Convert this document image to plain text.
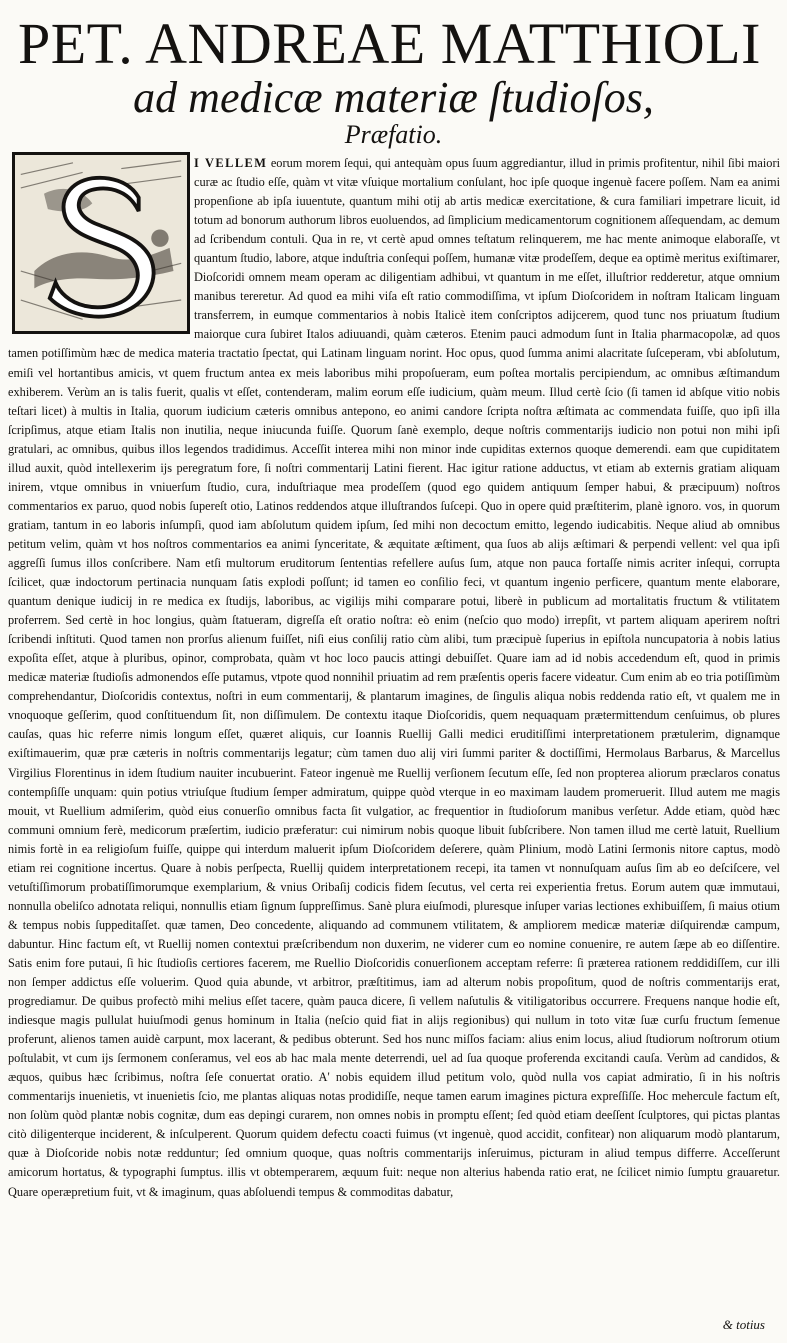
PET. ANDREAE MATTHIOLI
ad medicæ materiæ ſtudioſos,
Præfatio.
I VELLEM eorum morem ſequi, qui antequàm opus ſuum aggrediantur, illud in primis profitentur, nihil ſibi maiori curæ ac ſtudio eſſe, quàm vt vitæ vſuique mortalium conſulant, hoc ipſe quoque ingenuè facere poſſem. Nam ea animi propenſione ab ipſa iuuentute, quantum mihi otij ab artis medicæ exercitatione, & cura familiari impetrare licuit, id totum ad bonorum authorum libros euoluendos, ad ſimplicium medicamentorum cognitionem aſſequendam, ac demum ad ſcribendum contuli. Qua in re, vt certè apud omnes teſtatum relinquerem, me hac mente animoque elaboraſſe, vt quantum ſtudio, labore, atque induſtria conſequi poſſem, humanæ vitæ prodeſſem, deque ea optimè meritus exiſtimarer, Dioſcoridi omnem meam operam ac diligentiam adhibui, vt quantum in me eſſet, illuſtrior redderetur, atque omnium manibus tereretur. Ad quod ea mihi viſa eſt ratio commodiſſima, vt ipſum Dioſcoridem in noſtram Italicam linguam transferrem, in eumque commentarios à nobis Italicè item conſcriptos adijcerem, quod tunc nos priuatum ſtudium maiorque cura ſubiret Italos adiuuandi, quàm cæteros. Etenim pauci admodum ſunt in Italia pharmacopolæ, ad quos tamen potiſſimùm hæc de medica materia tractatio ſpectat, qui Latinam linguam norint. Hoc opus, quod ſumma animi alacritate ſuſceperam, vbi abſolutum, emiſi vel hortantibus amicis, vt quem fructum antea ex meis laboribus mihi propoſueram, eum poſtea mortalis percipiendum, ac omnibus æſtimandum exhiberem. Verùm an is talis fuerit, qualis vt eſſet, contenderam, malim eorum eſſe iudicium, quàm meum. Illud certè ſcio (ſi tamen id abſque vitio nobis teſtari licet) à multis in Italia, quorum iudicium cæteris omnibus antepono, eo animi candore ſcripta noſtra æſtimata ac commendata fuiſſe, quo ipſi illa ſcripſimus, atque etiam Italis non inutilia, neque iniucunda fuiſſe. Quorum ſanè exemplo, deque noſtris commentarijs iudicio non potui non mihi ipſi gratulari, ac omnibus, quibus illos legendos tradidimus. Acceſſit interea mihi non minor inde cupiditas externos quoque demerendi. eam que cupiditatem illud auxit, quòd intellexerim ijs peregratum fore, ſi noſtri commentarij Latini fierent. Hac igitur ratione adductus, vt etiam ab externis gratiam aliquam inirem, vtque omnibus in vniuerſum ſtudio, cura, induſtriaque mea prodeſſem (quod ego quidem antiquum ſemper habui, & præcipuum) noſtros commentarios ex paruo, quod nobis ſupereſt otio, Latinos reddendos atque illuſtrandos ſuſcepi. Quo in opere quid præſtiterim, planè ignoro. vos, in quorum gratiam, tantum in eo laboris inſumpſi, quod iam abſolutum quidem ipſum, ſed mihi non decoctum emitto, legendo iudicabitis. Neque aliud ab omnibus petitum velim, quàm vt hos noſtros commentarios ea animi ſynceritate, & æquitate æſtiment, qua ſuos ab alijs æſtimari & perpendi vellent: vel qua ipſi aggreſſi ſumus illos conſcribere. Nam etſi multorum eruditorum ſententias refellere auſus ſum, atque non pauca fortaſſe nimis acriter inſequi, corrupta ſcilicet, quæ indoctorum pertinacia nunquam ſatis explodi poſſunt; id tamen eo conſilio feci, vt quantum ingenio perficere, quantum mente elaborare, quantum denique iudicij in re medica ex ſtudijs, laboribus, ac vigilijs mihi comparare potui, liberè in publicum ad mortalitatis fructum & vtilitatem proferrem. Sed certè in hoc longius, quàm ſtatueram, digreſſa eſt oratio noſtra: eò enim (neſcio quo modo) irrepſit, vt partem aliquam aperirem noſtri ſcribendi inſtituti. Quod tamen non prorſus alienum fuiſſet, niſi eius conſilij ratio cùm alibi, tum præcipuè ſuperius in epiſtola nuncupatoria à nobis latius expoſita eſſet, atque à pluribus, opinor, comprobata, quàm vt hoc loco paucis attingi debuiſſet. Quare iam ad id nobis accedendum eſt, quod in primis medicæ materiæ ſtudioſis admonendos eſſe putamus, vtpote quod nonnihil priuatim ad rem præſentis operis facere videatur. Cum enim ab eo tria potiſſimùm comprehendantur, Dioſcoridis contextus, noſtri in eum commentarij, & plantarum imagines, de ſingulis aliqua nobis reddenda ratio eſt, vt qualem me in vnoquoque geſſerim, quod conſtituendum ſit, non diſſimulem. De contextu itaque Dioſcoridis, quem nequaquam prætermittendum cenſuimus, ob plures cauſas, quas hic referre nimis longum eſſet, quæret aliquis, cur Ioannis Ruellij Galli medici eruditiſſimi interpretationem prætulerim, dignamque exiſtimauerim, quæ præ cæteris in noſtris commentarijs legatur; cùm tamen duo alij viri ſummi pariter & doctiſſimi, Hermolaus Barbarus, & Marcellus Virgilius Florentinus in idem ſtudium nauiter incubuerint. Fateor ingenuè me Ruellij verſionem ſecutum eſſe, ſed non propterea aliorum præclaros conatus contempſiſſe unquam: quin potius vtriuſque ſtudium ſemper admiratum, quippe quòd vterque in eo maximam laudem promeruerit. Illud autem me magis mouit, vt Ruellium admiſerim, quòd eius conuerſio omnibus facta ſit vulgatior, ac frequentior in ſtudioſorum manibus verſetur. Adde etiam, quòd hæc communi omnium ferè, medicorum præſertim, iudicio præferatur: cui nimirum nobis quoque libuit ſubſcribere. Non tamen illud me certè latuit, Ruellium nimis fortè in ea religioſum fuiſſe, quippe qui interdum maluerit ipſum Dioſcoridem deſerere, quàm Plinium, modò Latini ſermonis nitore captus, modò etiam rei cognitione incertus. Quare à nobis perſpecta, Ruellij quidem interpretationem recepi, ita tamen vt nonnuſquam auſus ſim ab eo deſciſcere, vel vetuſtiſſimorum probatiſſimorumque exemplarium, & vnius Oribaſij codicis fidem ſecutus, vel certa rei experientia fretus. Eorum autem quæ immutaui, nonnulla obeliſco adnotata reliqui, nonnullis etiam ſignum ſuppreſſimus. Sanè plura eiuſmodi, pluresque inſuper varias lectiones exhibuiſſem, ſi maius otium & tempus nobis ſuppeditaſſet. quæ tamen, Deo concedente, aliquando ad communem vtilitatem, & ampliorem medicæ materiæ diſquirendæ campum, dabuntur. Hinc factum eſt, vt Ruellij nomen contextui præſcribendum non duxerim, ne viderer cum eo nomine conuenire, re autem ſæpe ab eo diſſentire. Satis enim fore putaui, ſi hic ſtudioſis certiores facerem, me Ruellio Dioſcoridis conuerſionem acceptam referre: ſi præterea rationem reddidiſſem, cur illi non ſemper addictus eſſe voluerim. Quod quia abunde, vt arbitror, præſtitimus, iam ad alterum nobis propoſitum, quod de noſtris commentarijs erat, progrediamur. De quibus profectò mihi melius eſſet tacere, quàm pauca dicere, ſi vellem naſutulis & vitiligatoribus occurrere. Frequens nanque hodie eſt, indiesque magis pullulat huiuſmodi genus hominum in Italia (neſcio quid fiat in alijs regionibus) qui nullum in toto vitæ ſuæ curſu fructum ſemenue proferunt, alienos tamen auidè carpunt, mox lacerant, & pedibus obterunt. Sed hos nunc miſſos faciam: alius enim locus, aliud ſtudiorum noſtrorum otium poſtulabit, vt cum ijs ſermonem conſeramus, vel eos ab hac mala mente deterrendi, uel ad ſua quoque proferenda excitandi cauſa. Verùm ad candidos, & æquos, quibus hæc ſcribimus, noſtra ſeſe conuertat oratio. A' nobis equidem illud petitum volo, quòd nulla vos capiat admiratio, ſi in his noſtris commentarijs inuenietis, vt inuenietis ſcio, me plantas aliquas notas prodidiſſe, neque tamen earum imagines pictura expreſſiſſe. Hoc mehercule factum eſt, non ſolùm quòd plantæ nobis cognitæ, dum eas depingi curarem, non omnes nobis in promptu eſſent; ſed quòd etiam deeſſent ſculptores, qui pictas plantas citò diligenterque inciderent, & inſculperent. Quorum quidem defectu coacti fuimus (vt ingenuè, quod accidit, confitear) non aliquarum modò plantarum, quæ à Dioſcoride nobis notæ redduntur; ſed omnium quoque, quas noſtris commentarijs inſeruimus, picturam in aliud tempus differre. Acceſſerunt amicorum hortatus, & typographi ſumptus. illis vt obtemperarem, æquum fuit: neque non alterius habenda ratio erat, ne ſcilicet nimio ſumptu grauaretur. Quare operæpretium fuit, vt & imaginum, quas abſoluendi tempus & commoditas dabatur,
& totius
